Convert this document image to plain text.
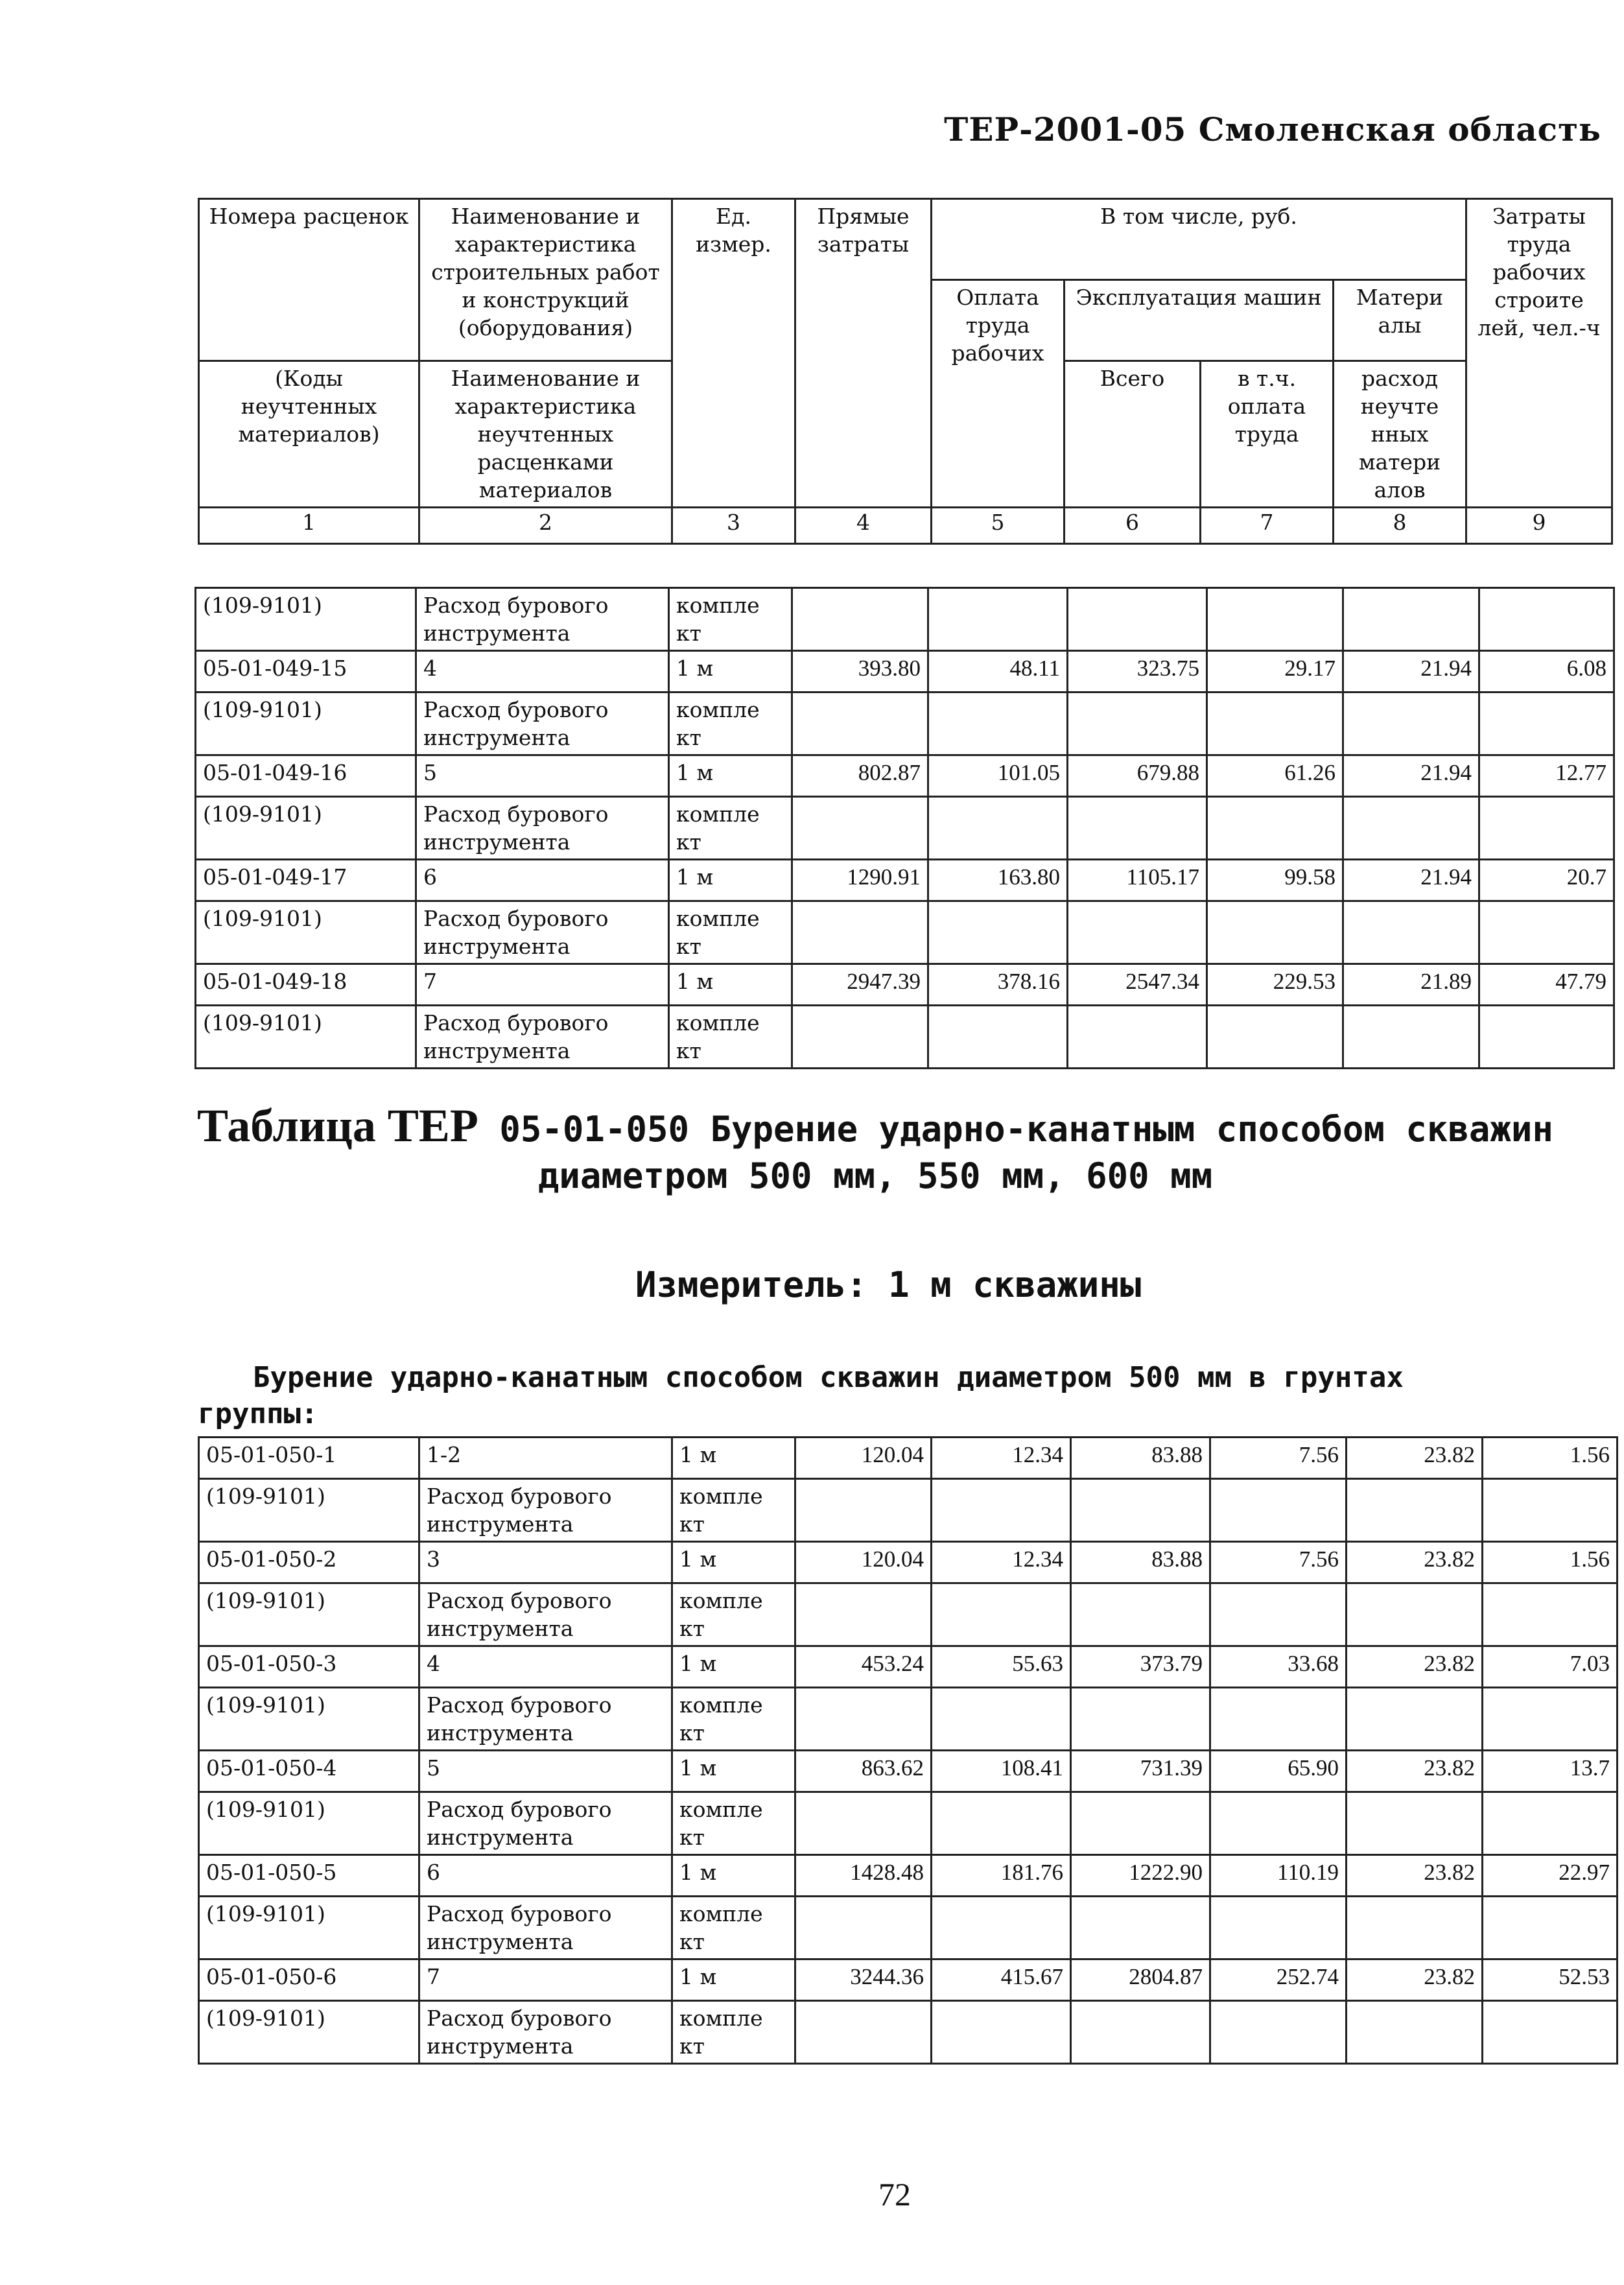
ТЕР-2001-05 Смоленская область
Номера расценок	Наименование и характеристика строительных работ и конструкций (оборудования)	Ед. измер.	Прямые затраты	В том числе, руб.				Затраты труда рабочих строите лей, чел.-ч
				Оплата труда рабочих	Эксплуатация машин		Матери алы	
(Коды неучтенных материалов)	Наименование и характеристика неучтенных расценками материалов				Всего	в т.ч. оплата труда	расход неучте нных матери алов	
1	2	3	4	5	6	7	8	9
(109-9101)	Расход бурового инструмента	компле кт						
05-01-049-15	4	1 м	393.80	48.11	323.75	29.17	21.94	6.08
(109-9101)	Расход бурового инструмента	компле кт						
05-01-049-16	5	1 м	802.87	101.05	679.88	61.26	21.94	12.77
(109-9101)	Расход бурового инструмента	компле кт						
05-01-049-17	6	1 м	1290.91	163.80	1105.17	99.58	21.94	20.7
(109-9101)	Расход бурового инструмента	компле кт						
05-01-049-18	7	1 м	2947.39	378.16	2547.34	229.53	21.89	47.79
(109-9101)	Расход бурового инструмента	компле кт						
Таблица ТЕР 05-01-050 Бурение ударно-канатным способом скважин диаметром 500 мм, 550 мм, 600 мм
Измеритель: 1 м скважины
Бурение ударно-канатным способом скважин диаметром 500 мм в грунтах
группы:
05-01-050-1	1-2	1 м	120.04	12.34	83.88	7.56	23.82	1.56
(109-9101)	Расход бурового инструмента	компле кт						
05-01-050-2	3	1 м	120.04	12.34	83.88	7.56	23.82	1.56
(109-9101)	Расход бурового инструмента	компле кт						
05-01-050-3	4	1 м	453.24	55.63	373.79	33.68	23.82	7.03
(109-9101)	Расход бурового инструмента	компле кт						
05-01-050-4	5	1 м	863.62	108.41	731.39	65.90	23.82	13.7
(109-9101)	Расход бурового инструмента	компле кт						
05-01-050-5	6	1 м	1428.48	181.76	1222.90	110.19	23.82	22.97
(109-9101)	Расход бурового инструмента	компле кт						
05-01-050-6	7	1 м	3244.36	415.67	2804.87	252.74	23.82	52.53
(109-9101)	Расход бурового инструмента	компле кт						
72
